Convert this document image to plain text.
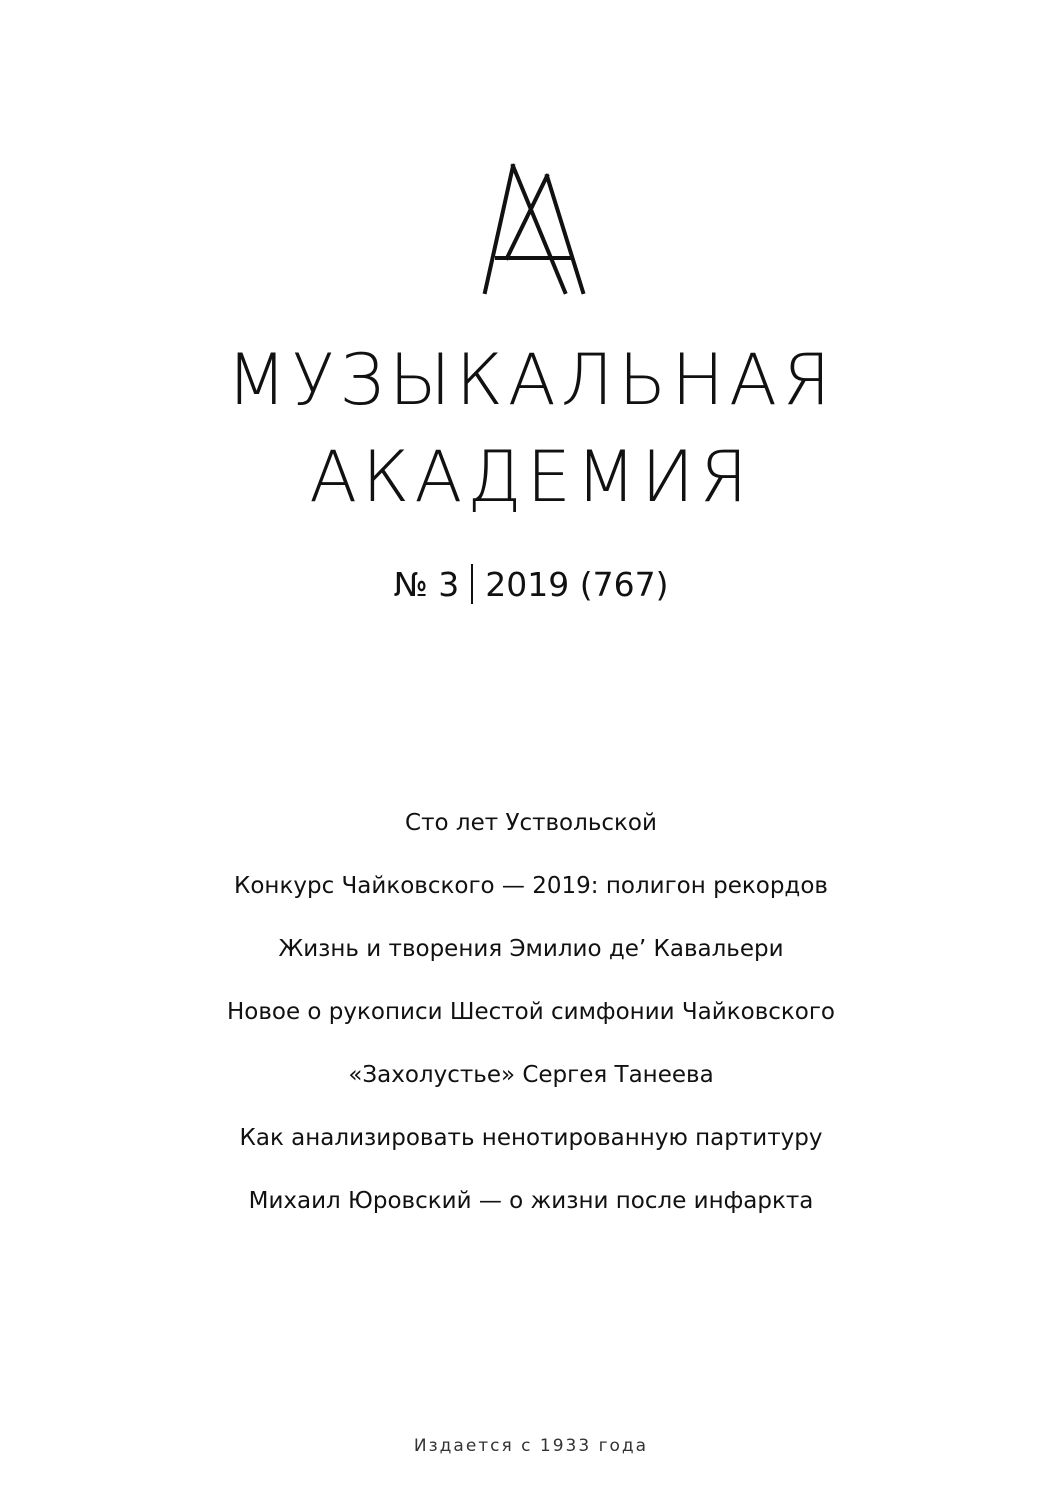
МУЗЫКАЛЬНАЯ
АКАДЕМИЯ
№ 3 2019 (767)
Сто лет Уствольской
Конкурс Чайковского — 2019: полигон рекордов
Жизнь и творения Эмилио де’ Кавальери
Новое о рукописи Шестой симфонии Чайковского
«Захолустье» Сергея Танеева
Как анализировать ненотированную партитуру
Михаил Юровский — о жизни после инфаркта
Издается с 1933 года
